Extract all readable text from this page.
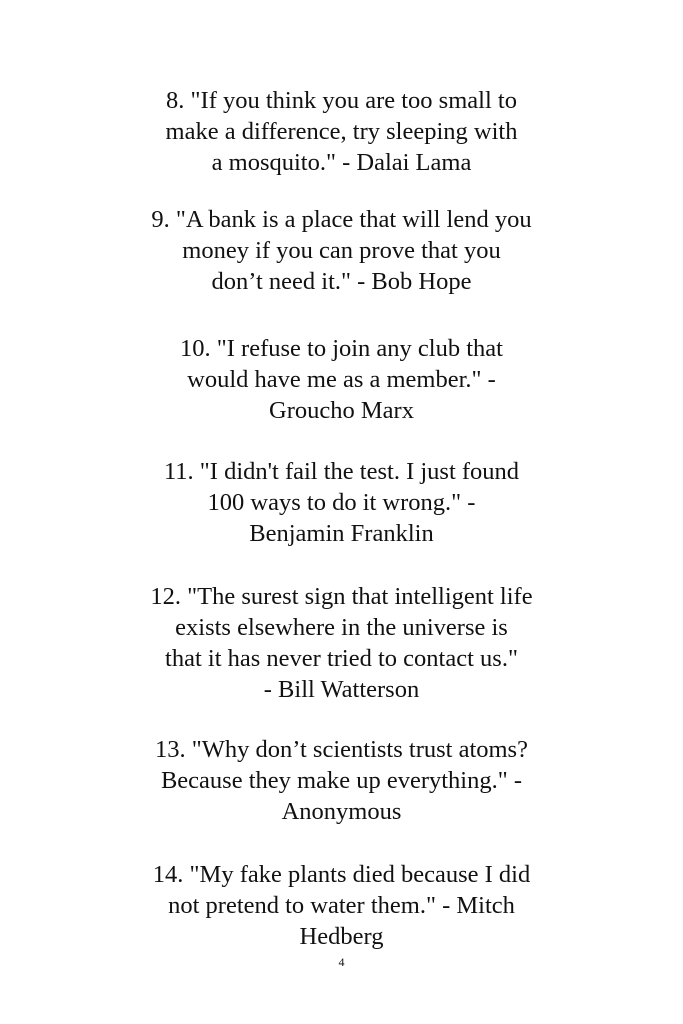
8. "If you think you are too small to
make a difference, try sleeping with
a mosquito." - Dalai Lama
9. "A bank is a place that will lend you
money if you can prove that you
don’t need it." - Bob Hope
10. "I refuse to join any club that
would have me as a member." -
Groucho Marx
11. "I didn't fail the test. I just found
100 ways to do it wrong." -
Benjamin Franklin
12. "The surest sign that intelligent life
exists elsewhere in the universe is
that it has never tried to contact us."
- Bill Watterson
13. "Why don’t scientists trust atoms?
Because they make up everything." -
Anonymous
14. "My fake plants died because I did
not pretend to water them." - Mitch
Hedberg
4
